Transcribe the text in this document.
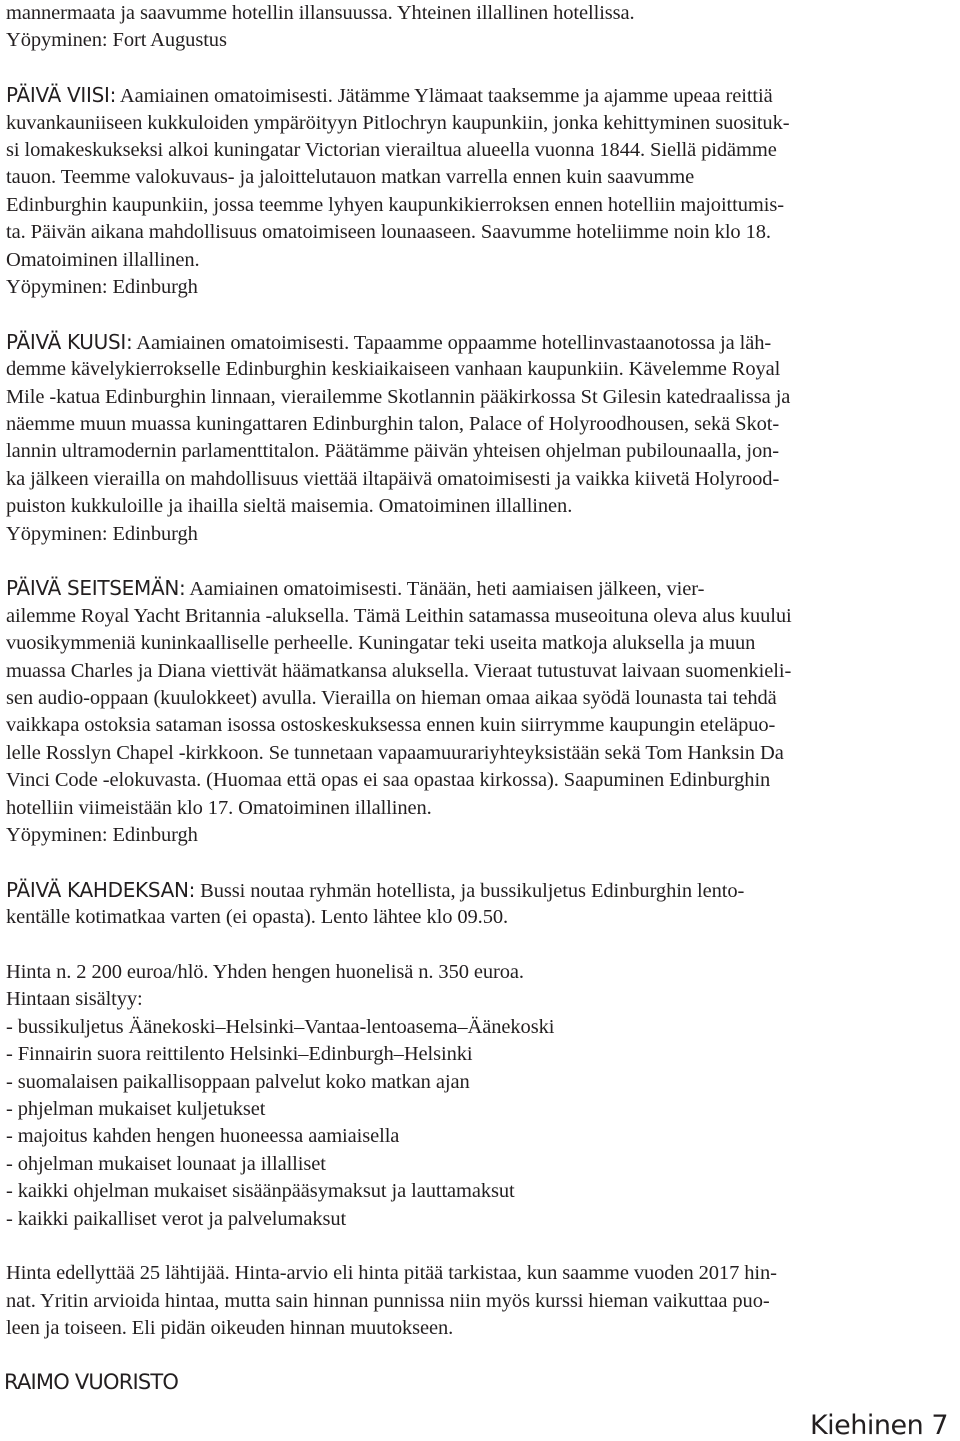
mannermaata ja saavumme hotellin illansuussa. Yhteinen illallinen hotellissa.
Yöpyminen: Fort Augustus
PÄIVÄ VIISI: Aamiainen omatoimisesti. Jätämme Ylämaat taaksemme ja ajamme upeaa reittiä
kuvankauniiseen kukkuloiden ympäröityyn Pitlochryn kaupunkiin, jonka kehittyminen suosituk-
si lomakeskukseksi alkoi kuningatar Victorian vierailtua alueella vuonna 1844. Siellä pidämme
tauon. Teemme valokuvaus- ja jaloittelutauon matkan varrella ennen kuin saavumme
Edinburghin kaupunkiin, jossa teemme lyhyen kaupunkikierroksen ennen hotelliin majoittumis-
ta. Päivän aikana mahdollisuus omatoimiseen lounaaseen. Saavumme hoteliimme noin klo 18.
Omatoiminen illallinen.
Yöpyminen: Edinburgh
PÄIVÄ KUUSI: Aamiainen omatoimisesti. Tapaamme oppaamme hotellinvastaanotossa ja läh-
demme kävelykierrokselle Edinburghin keskiaikaiseen vanhaan kaupunkiin. Kävelemme Royal
Mile -katua Edinburghin linnaan, vierailemme Skotlannin pääkirkossa St Gilesin katedraalissa ja
näemme muun muassa kuningattaren Edinburghin talon, Palace of Holyroodhousen, sekä Skot-
lannin ultramodernin parlamenttitalon. Päätämme päivän yhteisen ohjelman pubilounaalla, jon-
ka jälkeen vierailla on mahdollisuus viettää iltapäivä omatoimisesti ja vaikka kiivetä Holyrood-
puiston kukkuloille ja ihailla sieltä maisemia. Omatoiminen illallinen.
Yöpyminen: Edinburgh
PÄIVÄ SEITSEMÄN: Aamiainen omatoimisesti. Tänään, heti aamiaisen jälkeen, vier-
ailemme Royal Yacht Britannia -aluksella. Tämä Leithin satamassa museoituna oleva alus kuului
vuosikymmeniä kuninkaalliselle perheelle. Kuningatar teki useita matkoja aluksella ja muun
muassa Charles ja Diana viettivät häämatkansa aluksella. Vieraat tutustuvat laivaan suomenkieli-
sen audio-oppaan (kuulokkeet) avulla. Vierailla on hieman omaa aikaa syödä lounasta tai tehdä
vaikkapa ostoksia sataman isossa ostoskeskuksessa ennen kuin siirrymme kaupungin eteläpuo-
lelle Rosslyn Chapel -kirkkoon. Se tunnetaan vapaamuurariyhteyksistään sekä Tom Hanksin Da
Vinci Code -elokuvasta. (Huomaa että opas ei saa opastaa kirkossa). Saapuminen Edinburghin
hotelliin viimeistään klo 17. Omatoiminen illallinen.
Yöpyminen: Edinburgh
PÄIVÄ KAHDEKSAN: Bussi noutaa ryhmän hotellista, ja bussikuljetus Edinburghin lento-
kentälle kotimatkaa varten (ei opasta). Lento lähtee klo 09.50.
Hinta n. 2 200 euroa/hlö. Yhden hengen huonelisä n. 350 euroa.
Hintaan sisältyy:
- bussikuljetus Äänekoski–Helsinki–Vantaa-lentoasema–Äänekoski
- Finnairin suora reittilento Helsinki–Edinburgh–Helsinki
- suomalaisen paikallisoppaan palvelut koko matkan ajan
- phjelman mukaiset kuljetukset
- majoitus kahden hengen huoneessa aamiaisella
- ohjelman mukaiset lounaat ja illalliset
- kaikki ohjelman mukaiset sisäänpääsymaksut ja lauttamaksut
- kaikki paikalliset verot ja palvelumaksut
Hinta edellyttää 25 lähtijää. Hinta-arvio eli hinta pitää tarkistaa, kun saamme vuoden 2017 hin-
nat. Yritin arvioida hintaa, mutta sain hinnan punnissa niin myös kurssi hieman vaikuttaa puo-
leen ja toiseen. Eli pidän oikeuden hinnan muutokseen.
RAIMO VUORISTO
Kiehinen 7
